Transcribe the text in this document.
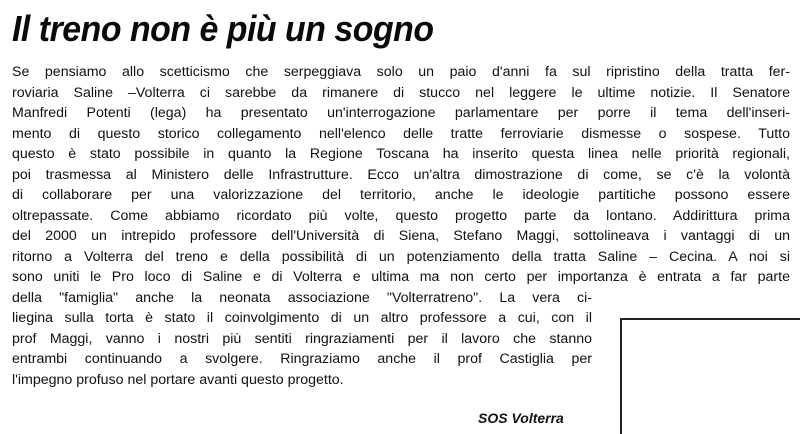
Il treno non è più un sogno
Se pensiamo allo scetticismo che serpeggiava solo un paio d'anni fa sul ripristino della tratta fer-
roviaria Saline –Volterra ci sarebbe da rimanere di stucco nel leggere le ultime notizie. Il Senatore
Manfredi Potenti (lega) ha presentato un'interrogazione parlamentare per porre il tema dell'inseri-
mento di questo storico collegamento nell'elenco delle tratte ferroviarie dismesse o sospese. Tutto
questo è stato possibile in quanto la Regione Toscana ha inserito questa linea nelle priorità regionali,
poi trasmessa al Ministero delle Infrastrutture. Ecco un'altra dimostrazione di come, se c'è la volontà
di collaborare per una valorizzazione del territorio, anche le ideologie partitiche possono essere
oltrepassate. Come abbiamo ricordato più volte, questo progetto parte da lontano. Addirittura prima
del 2000 un intrepido professore dell'Università di Siena, Stefano Maggi, sottolineava i vantaggi di un
ritorno a Volterra del treno e della possibilità di un potenziamento della tratta Saline – Cecina. A noi si
sono uniti le Pro loco di Saline e di Volterra e ultima ma non certo per importanza è entrata a far parte
della "famiglia" anche la neonata associazione "Volterratreno". La vera ci-
liegina sulla torta è stato il coinvolgimento di un altro professore a cui, con il
prof Maggi, vanno i nostri più sentiti ringraziamenti per il lavoro che stanno
entrambi continuando a svolgere. Ringraziamo anche il prof Castiglia per
l'impegno profuso nel portare avanti questo progetto.
SOS Volterra
